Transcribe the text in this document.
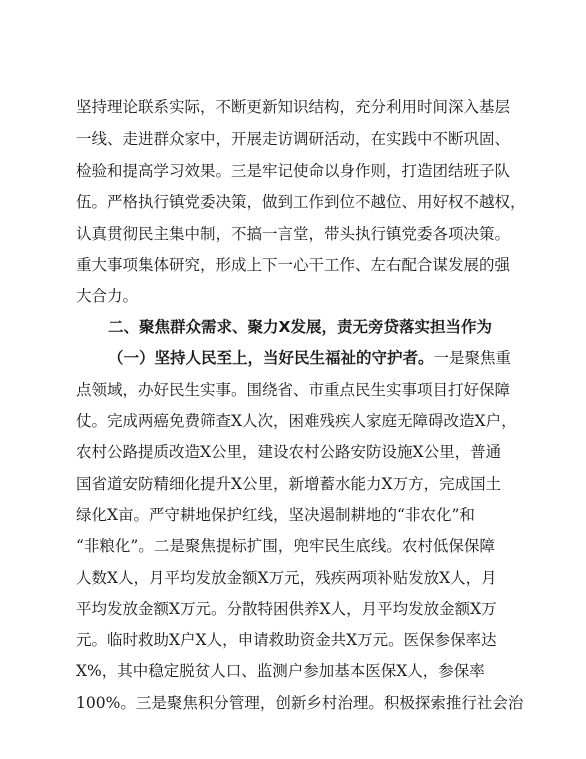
坚持理论联系实际，不断更新知识结构，充分利用时间深入基层
一线、走进群众家中，开展走访调研活动，在实践中不断巩固、
检验和提高学习效果。三是牢记使命以身作则，打造团结班子队
伍。严格执行镇党委决策，做到工作到位不越位、用好权不越权，
认真贯彻民主集中制，不搞一言堂，带头执行镇党委各项决策。
重大事项集体研究，形成上下一心干工作、左右配合谋发展的强
大合力。
二、聚焦群众需求、聚力X发展，责无旁贷落实担当作为
（一）坚持人民至上，当好民生福祉的守护者。一是聚焦重
点领域，办好民生实事。围绕省、市重点民生实事项目打好保障
仗。完成两癌免费筛查X人次，困难残疾人家庭无障碍改造X户，
农村公路提质改造X公里，建设农村公路安防设施X公里，普通
国省道安防精细化提升X公里，新增蓄水能力X万方，完成国土
绿化X亩。严守耕地保护红线，坚决遏制耕地的“非农化”和
“非粮化”。二是聚焦提标扩围，兜牢民生底线。农村低保保障
人数X人，月平均发放金额X万元，残疾两项补贴发放X人，月
平均发放金额X万元。分散特困供养X人，月平均发放金额X万
元。临时救助X户X人，申请救助资金共X万元。医保参保率达
X%，其中稳定脱贫人口、监测户参加基本医保X人，参保率
100%。三是聚焦积分管理，创新乡村治理。积极探索推行社会治
